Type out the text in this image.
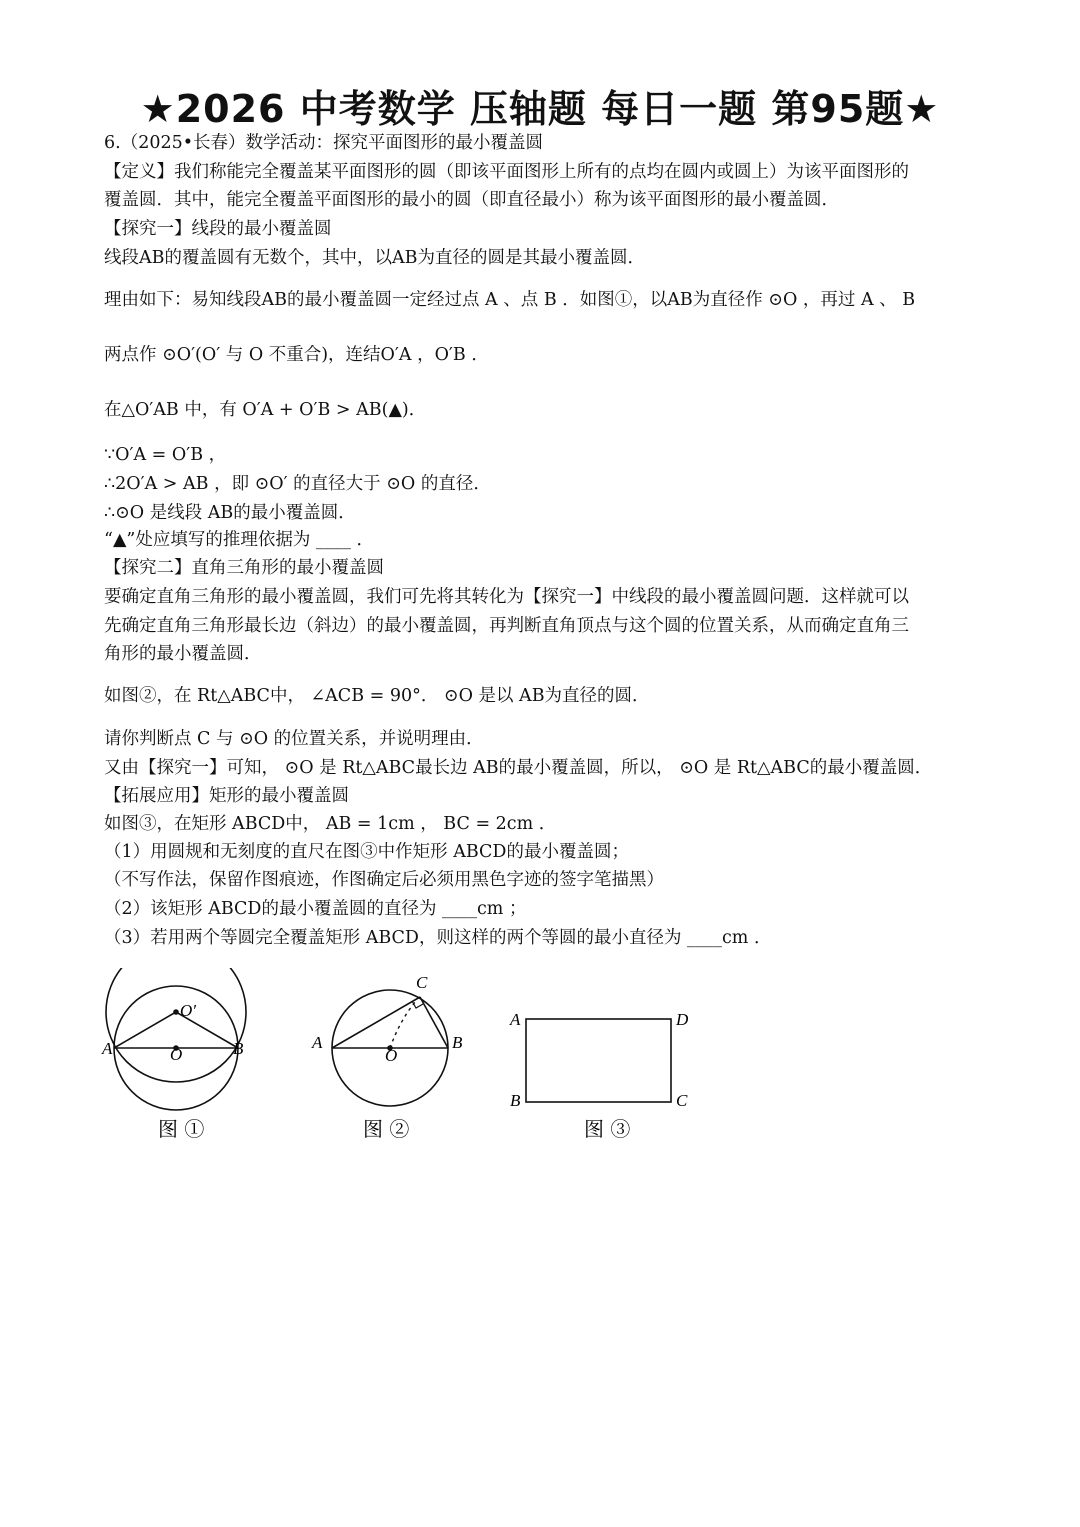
★2026 中考数学 压轴题 每日一题 第95题★
6.（2025•长春）数学活动：探究平面图形的最小覆盖圆
【定义】我们称能完全覆盖某平面图形的圆（即该平面图形上所有的点均在圆内或圆上）为该平面图形的
覆盖圆．其中，能完全覆盖平面图形的最小的圆（即直径最小）称为该平面图形的最小覆盖圆．
【探究一】线段的最小覆盖圆
线段AB的覆盖圆有无数个，其中，以AB为直径的圆是其最小覆盖圆．
理由如下：易知线段AB的最小覆盖圆一定经过点 A 、点 B ．如图①，以AB为直径作 ⊙O ，再过 A 、 B
两点作 ⊙O′(O′ 与 O 不重合)，连结O′A ，O′B ．
在△O′AB 中，有 O′A + O′B > AB(▲)．
∵O′A = O′B ，
∴2O′A > AB ，即 ⊙O′ 的直径大于 ⊙O 的直径．
∴⊙O 是线段 AB的最小覆盖圆．
“▲”处应填写的推理依据为 ____ ．
【探究二】直角三角形的最小覆盖圆
要确定直角三角形的最小覆盖圆，我们可先将其转化为【探究一】中线段的最小覆盖圆问题．这样就可以
先确定直角三角形最长边（斜边）的最小覆盖圆，再判断直角顶点与这个圆的位置关系，从而确定直角三
角形的最小覆盖圆．
如图②，在 Rt△ABC中， ∠ACB = 90°． ⊙O 是以 AB为直径的圆．
请你判断点 C 与 ⊙O 的位置关系，并说明理由．
又由【探究一】可知， ⊙O 是 Rt△ABC最长边 AB的最小覆盖圆，所以， ⊙O 是 Rt△ABC的最小覆盖圆．
【拓展应用】矩形的最小覆盖圆
如图③，在矩形 ABCD中， AB = 1cm ， BC = 2cm ．
（1）用圆规和无刻度的直尺在图③中作矩形 ABCD的最小覆盖圆；
（不写作法，保留作图痕迹，作图确定后必须用黑色字迹的签字笔描黑）
（2）该矩形 ABCD的最小覆盖圆的直径为 ____cm ；
（3）若用两个等圆完全覆盖矩形 ABCD，则这样的两个等圆的最小直径为 ____cm ．
A	B
O
O′
图 ①
A	B
C
O
图 ②
A	D
B	C
图 ③
